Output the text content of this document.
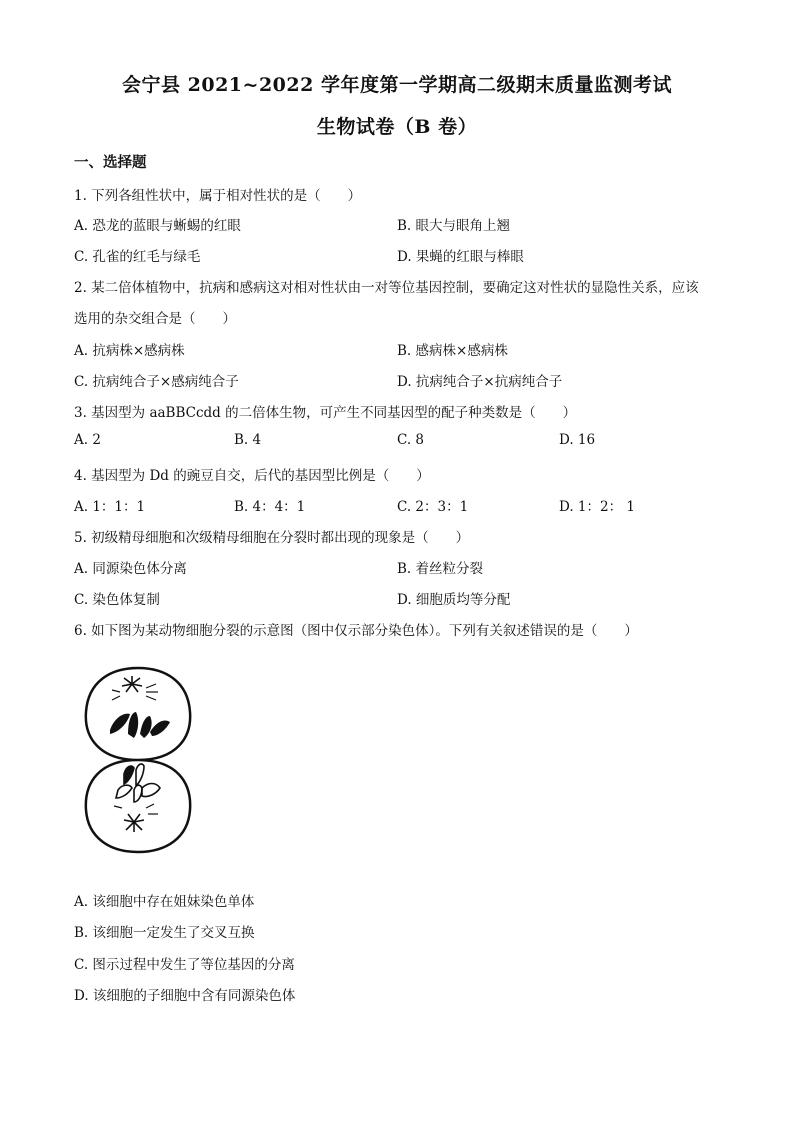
会宁县 2021~2022 学年度第一学期高二级期末质量监测考试
生物试卷（B 卷）
一、选择题
1. 下列各组性状中，属于相对性状的是（　　）
A. 恐龙的蓝眼与蜥蜴的红眼	B. 眼大与眼角上翘
C. 孔雀的红毛与绿毛	D. 果蝇的红眼与棒眼
2. 某二倍体植物中，抗病和感病这对相对性状由一对等位基因控制，要确定这对性状的显隐性关系，应该
选用的杂交组合是（　　）
A. 抗病株×感病株	B. 感病株×感病株
C. 抗病纯合子×感病纯合子	D. 抗病纯合子×抗病纯合子
3. 基因型为 aaBBCcdd 的二倍体生物，可产生不同基因型的配子种类数是（　　）
A. 2	B. 4	C. 8	D. 16
4. 基因型为 Dd 的豌豆自交，后代的基因型比例是（　　）
A. 1：1：1	B. 4：4：1	C. 2：3：1	D. 1：2： 1
5. 初级精母细胞和次级精母细胞在分裂时都出现的现象是（　　）
A. 同源染色体分离	B. 着丝粒分裂
C. 染色体复制	D. 细胞质均等分配
6. 如下图为某动物细胞分裂的示意图（图中仅示部分染色体）。下列有关叙述错误的是（　　）
A. 该细胞中存在姐妹染色单体
B. 该细胞一定发生了交叉互换
C. 图示过程中发生了等位基因的分离
D. 该细胞的子细胞中含有同源染色体
